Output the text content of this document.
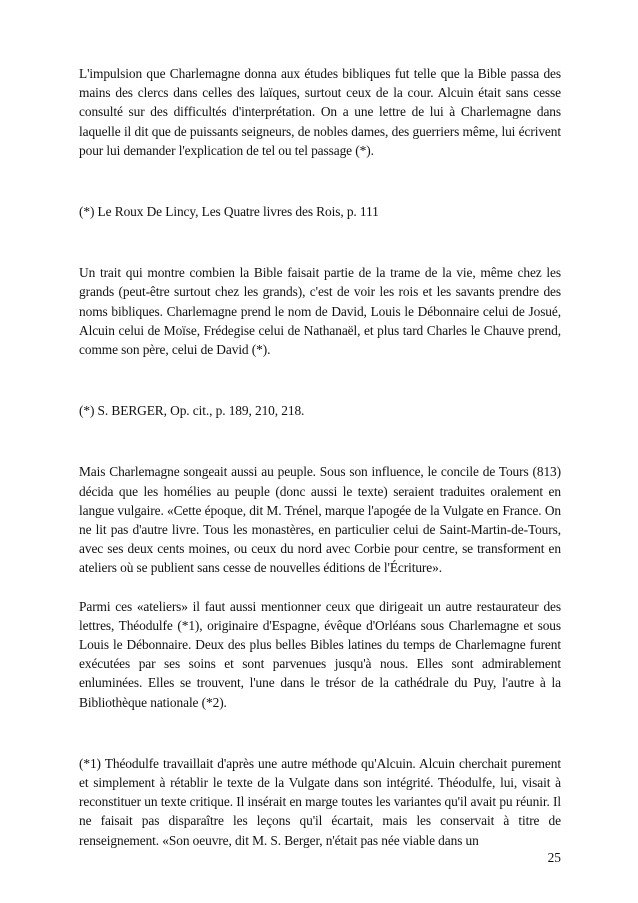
L'impulsion que Charlemagne donna aux études bibliques fut telle que la Bible passa des mains des clercs dans celles des laïques, surtout ceux de la cour. Alcuin était sans cesse consulté sur des difficultés d'interprétation. On a une lettre de lui à Charlemagne dans laquelle il dit que de puissants seigneurs, de nobles dames, des guerriers même, lui écrivent pour lui demander l'explication de tel ou tel passage (*).

(*) Le Roux De Lincy, Les Quatre livres des Rois, p. 111

Un trait qui montre combien la Bible faisait partie de la trame de la vie, même chez les grands (peut-être surtout chez les grands), c'est de voir les rois et les savants prendre des noms bibliques. Charlemagne prend le nom de David, Louis le Débonnaire celui de Josué, Alcuin celui de Moïse, Frédegise celui de Nathanaël, et plus tard Charles le Chauve prend, comme son père, celui de David (*).

(*) S. BERGER, Op. cit., p. 189, 210, 218.

Mais Charlemagne songeait aussi au peuple. Sous son influence, le concile de Tours (813) décida que les homélies au peuple (donc aussi le texte) seraient traduites oralement en langue vulgaire. «Cette époque, dit M. Trénel, marque l'apogée de la Vulgate en France. On ne lit pas d'autre livre. Tous les monastères, en particulier celui de Saint-Martin-de-Tours, avec ses deux cents moines, ou ceux du nord avec Corbie pour centre, se transforment en ateliers où se publient sans cesse de nouvelles éditions de l'Écriture».

Parmi ces «ateliers» il faut aussi mentionner ceux que dirigeait un autre restaurateur des lettres, Théodulfe (*1), originaire d'Espagne, évêque d'Orléans sous Charlemagne et sous Louis le Débonnaire. Deux des plus belles Bibles latines du temps de Charlemagne furent exécutées par ses soins et sont parvenues jusqu'à nous. Elles sont admirablement enluminées. Elles se trouvent, l'une dans le trésor de la cathédrale du Puy, l'autre à la Bibliothèque nationale (*2).

(*1) Théodulfe travaillait d'après une autre méthode qu'Alcuin. Alcuin cherchait purement et simplement à rétablir le texte de la Vulgate dans son intégrité. Théodulfe, lui, visait à reconstituer un texte critique. Il insérait en marge toutes les variantes qu'il avait pu réunir. Il ne faisait pas disparaître les leçons qu'il écartait, mais les conservait à titre de renseignement. «Son oeuvre, dit M. S. Berger, n'était pas née viable dans un

25
